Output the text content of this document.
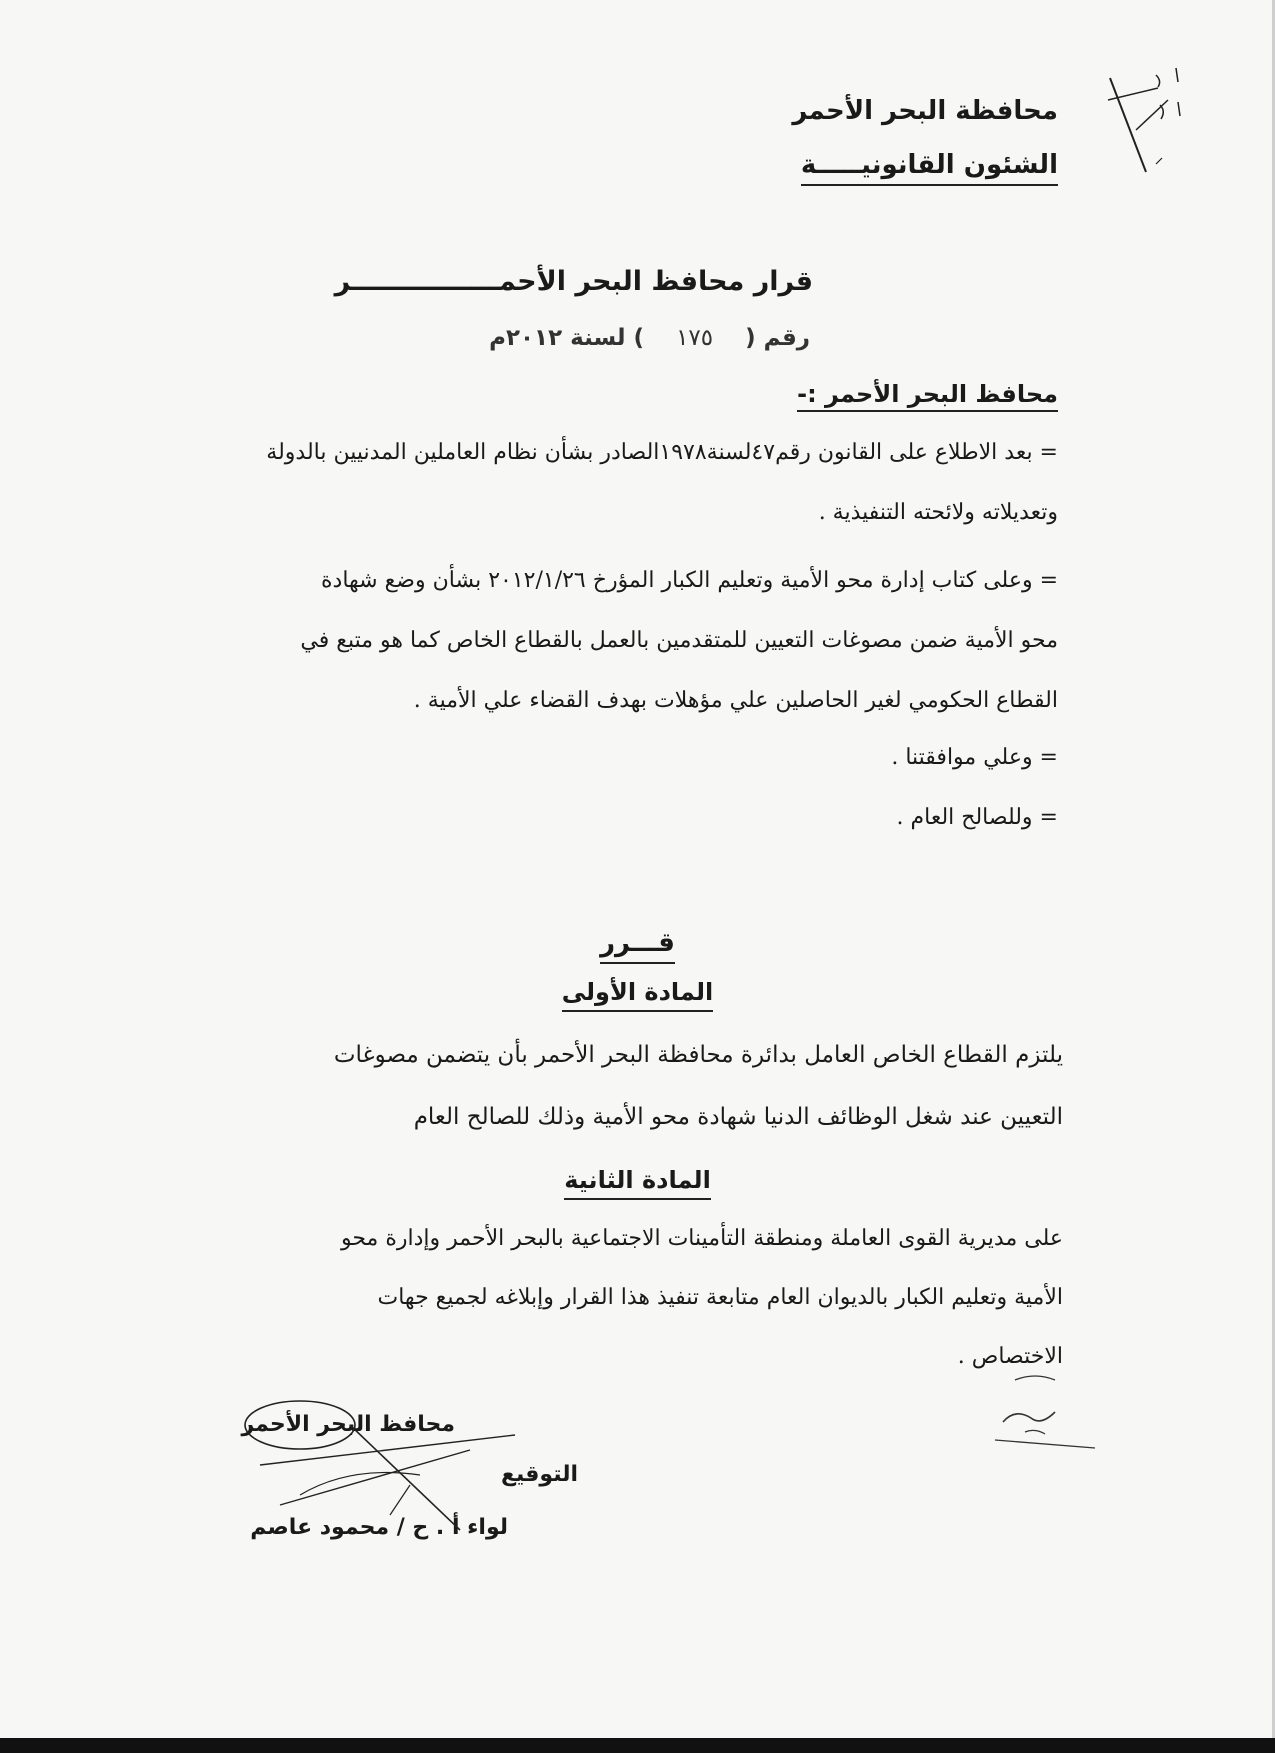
محافظة البحر الأحمر
الشئون القانونيـــــة
قرار محافظ البحر الأحمــــــــــــــــر
رقم ( ١٧٥ ) لسنة ٢٠١٢م
محافظ البحر الأحمر :-
= بعد الاطلاع على القانون رقم٤٧لسنة١٩٧٨الصادر بشأن نظام العاملين المدنيين بالدولة
وتعديلاته ولائحته التنفيذية .
= وعلى كتاب إدارة محو الأمية وتعليم الكبار المؤرخ ٢٠١٢/١/٢٦ بشأن وضع شهادة
محو الأمية ضمن مصوغات التعيين للمتقدمين بالعمل بالقطاع الخاص كما هو متبع في
القطاع الحكومي لغير الحاصلين علي مؤهلات بهدف القضاء علي الأمية .
= وعلي موافقتنا .
= وللصالح العام .
قـــرر
المادة الأولى
يلتزم القطاع الخاص العامل بدائرة محافظة البحر الأحمر بأن يتضمن مصوغات
التعيين عند شغل الوظائف الدنيا شهادة محو الأمية وذلك للصالح العام
المادة الثانية
على مديرية القوى العاملة ومنطقة التأمينات الاجتماعية بالبحر الأحمر وإدارة محو
الأمية وتعليم الكبار بالديوان العام متابعة تنفيذ هذا القرار وإبلاغه لجميع جهات
الاختصاص .
محافظ البحر الأحمر
التوقيع
لواء أ . ح / محمود عاصم
